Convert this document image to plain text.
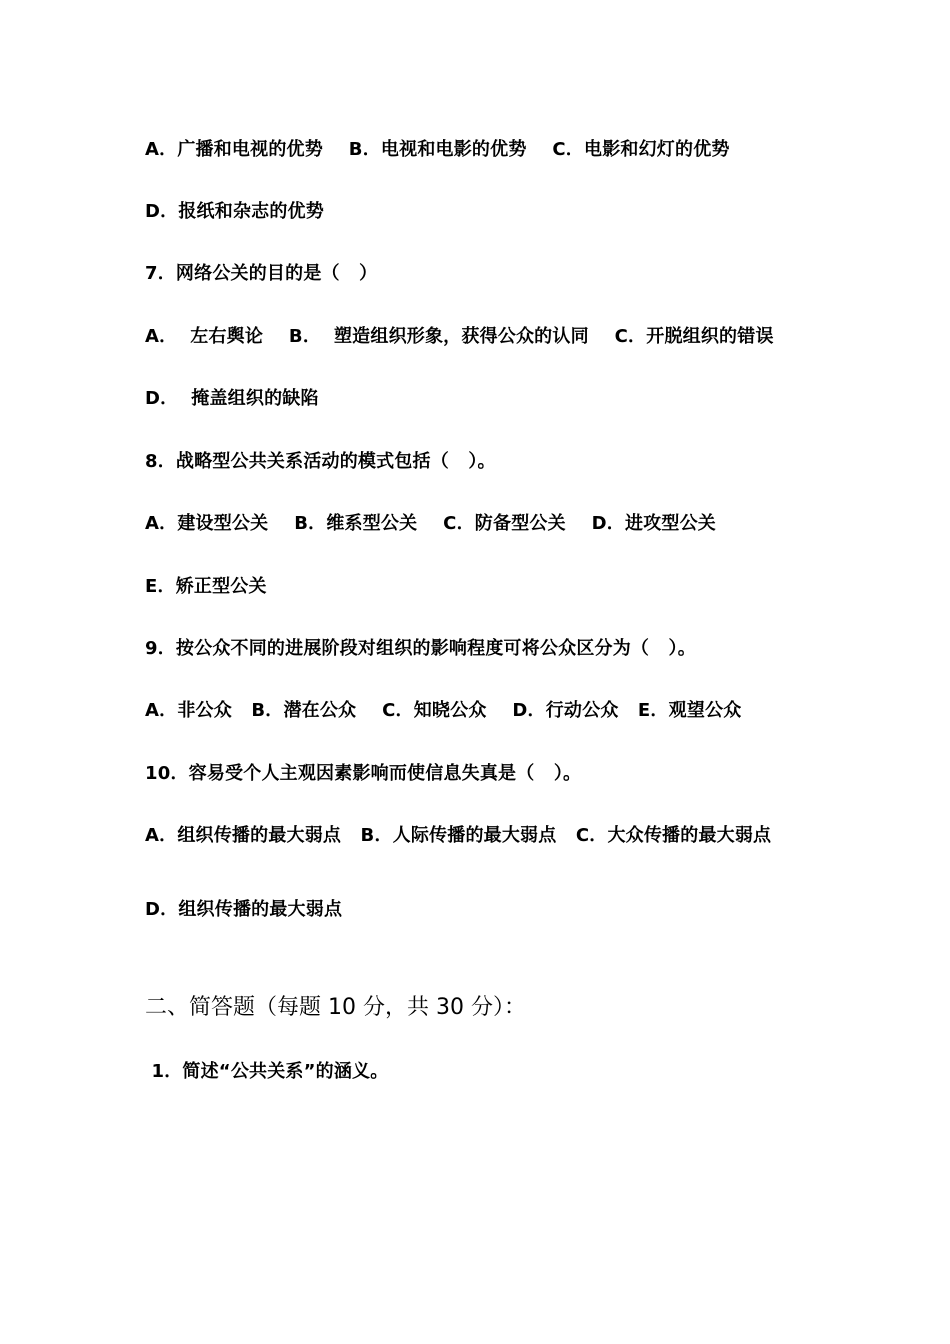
A．广播和电视的优势    B．电视和电影的优势    C．电影和幻灯的优势
D．报纸和杂志的优势
7．网络公关的目的是（   ）
A．  左右舆论    B．  塑造组织形象，获得公众的认同    C．开脱组织的错误
D．  掩盖组织的缺陷
8．战略型公共关系活动的模式包括（   ）。
A．建设型公关    B．维系型公关    C．防备型公关    D．进攻型公关
E．矫正型公关
9．按公众不同的进展阶段对组织的影响程度可将公众区分为（   ）。
A．非公众   B．潜在公众    C．知晓公众    D．行动公众   E．观望公众
10．容易受个人主观因素影响而使信息失真是（   ）。
A．组织传播的最大弱点   B．人际传播的最大弱点   C．大众传播的最大弱点
D．组织传播的最大弱点
二、简答题（每题 10 分，共 30 分）：
1．简述“公共关系”的涵义。
